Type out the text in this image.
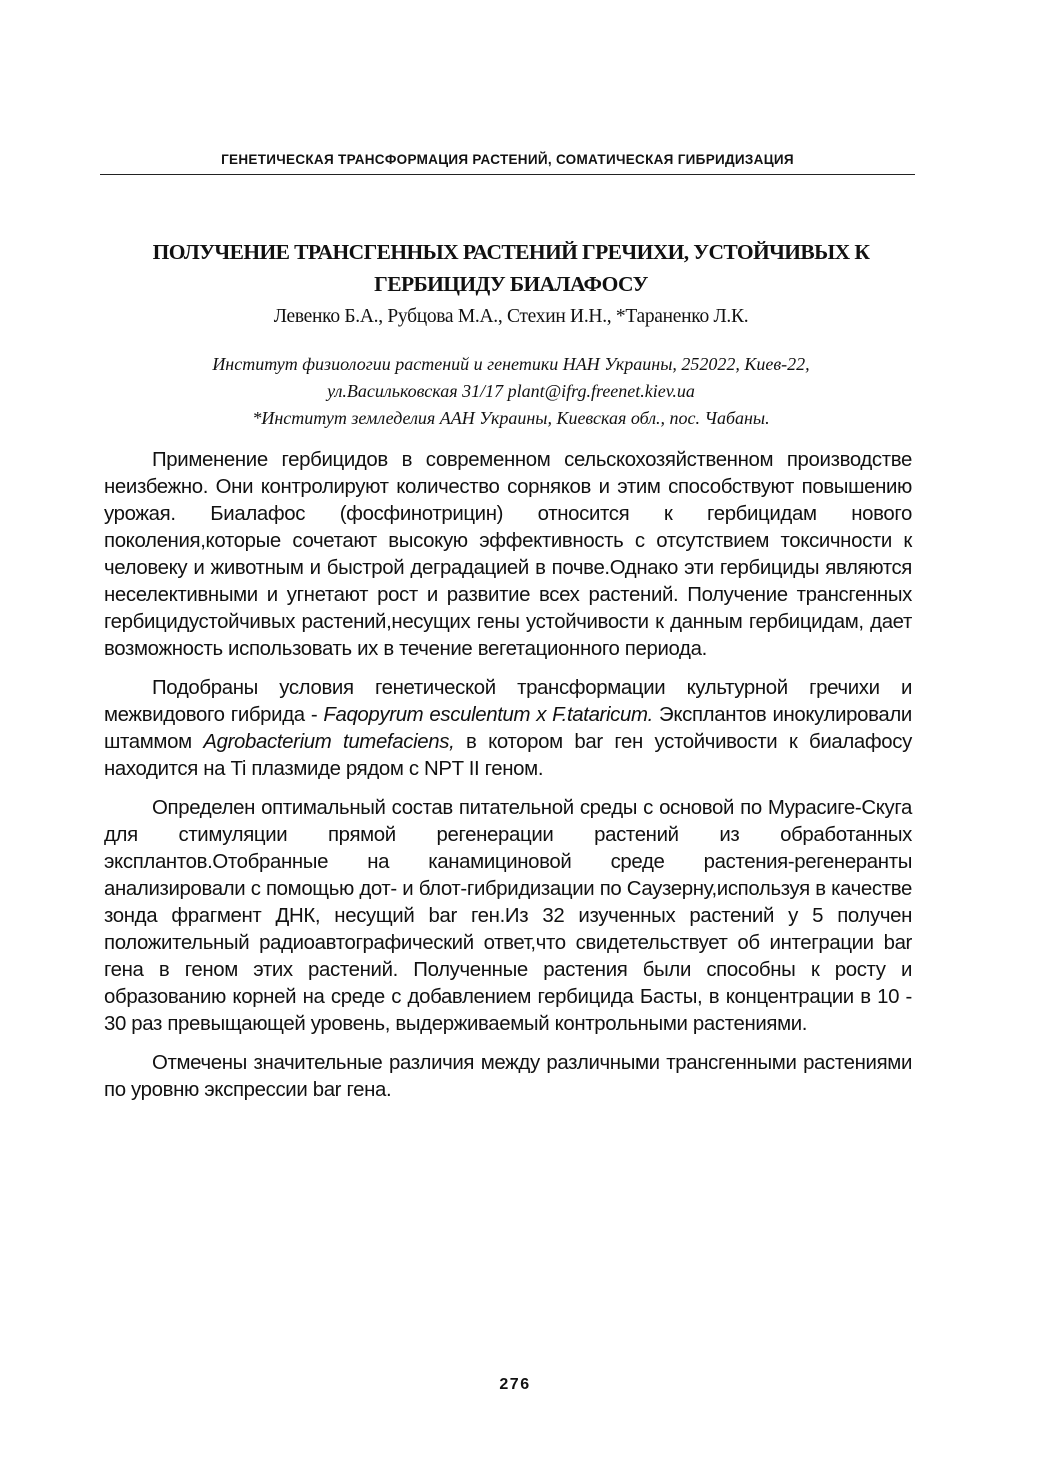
ГЕНЕТИЧЕСКАЯ ТРАНСФОРМАЦИЯ РАСТЕНИЙ, СОМАТИЧЕСКАЯ ГИБРИДИЗАЦИЯ
ПОЛУЧЕНИЕ ТРАНСГЕННЫХ РАСТЕНИЙ ГРЕЧИХИ, УСТОЙЧИВЫХ К
ГЕРБИЦИДУ БИАЛАФОСУ
Левенко Б.А., Рубцова М.А., Стехин И.Н., *Тараненко Л.К.
Институт физиологии растений и генетики НАН Украины, 252022, Киев-22,
ул.Васильковская 31/17 plant@ifrg.freenet.kiev.ua
*Институт земледелия ААН Украины, Киевская обл., пос. Чабаны.

Применение гербицидов в современном сельскохозяйственном производстве неизбежно. Они контролируют количество сорняков и этим способствуют повышению урожая. Биалафос (фосфинотрицин) относится к гербицидам нового поколения,которые сочетают высокую эффективность с отсутствием токсичности к человеку и животным и быстрой деградацией в почве.Однако эти гербициды являются неселективными и угнетают рост и развитие всех растений. Получение трансгенных гербицидустойчивых растений,несущих гены устойчивости к данным гербицидам, дает возможность использовать их в течение вегетационного периода.

Подобраны условия генетической трансформации культурной гречихи и межвидового гибрида - Faqopyrum esculentum x F.tataricum. Эксплантов инокулировали штаммом Agrobacterium tumefaciens, в котором bar ген устойчивости к биалафосу находится на Ti плазмиде рядом с NPT II геном.

Определен оптимальный состав питательной среды с основой по Мурасиге-Скуга для стимуляции прямой регенерации растений из обработанных эксплантов.Отобранные на канамициновой среде растения-регенеранты анализировали с помощью дот- и блот-гибридизации по Саузерну,используя в качестве зонда фрагмент ДНК, несущий bar ген.Из 32 изученных растений у 5 получен положительный радиоавтографический ответ,что свидетельствует об интеграции bar гена в геном этих растений. Полученные растения были способны к росту и образованию корней на среде с добавлением гербицида Басты, в концентрации в 10 - 30 раз превыщающей уровень, выдерживаемый контрольными растениями.

Отмечены значительные различия между различными трансгенными растениями по уровню экспрессии bar гена.

276
